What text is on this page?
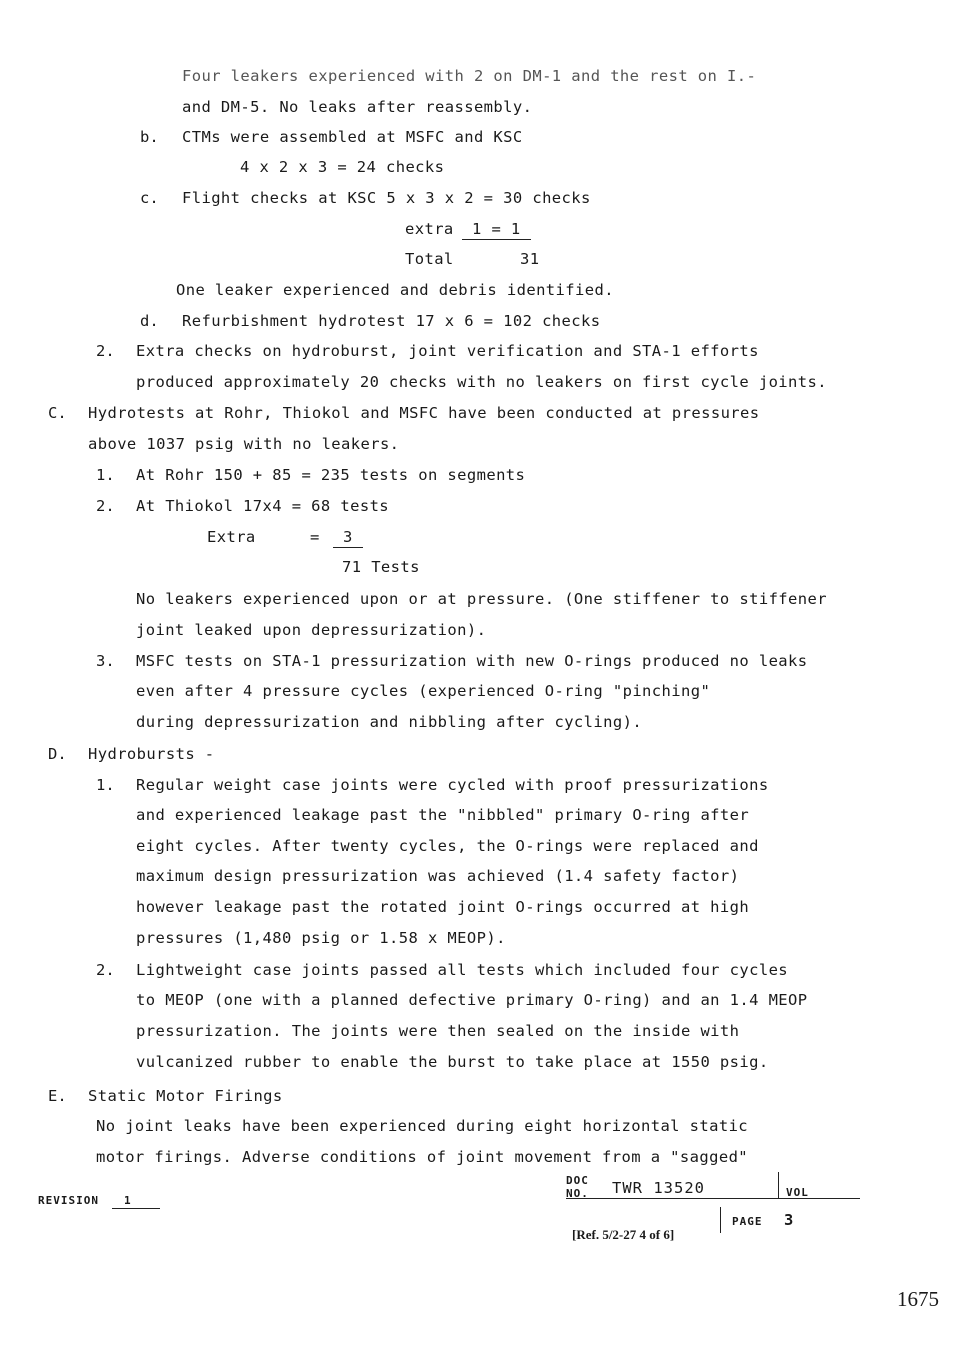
Four leakers experienced with 2 on DM-1 and the rest on I.-
and DM-5. No leaks after reassembly.
b. CTMs were assembled at MSFC and KSC
4 x 2 x 3 = 24 checks
c. Flight checks at KSC 5 x 3 x 2 = 30 checks
extra	1 = 1
Total	31
One leaker experienced and debris identified.
d. Refurbishment hydrotest 17 x 6 = 102 checks
2. Extra checks on hydroburst, joint verification and STA-1 efforts
produced approximately 20 checks with no leakers on first cycle joints.
C. Hydrotests at Rohr, Thiokol and MSFC have been conducted at pressures
above 1037 psig with no leakers.
1. At Rohr 150 + 85 = 235 tests on segments
2. At Thiokol 17x4 = 68 tests
Extra	=	3
71 Tests
No leakers experienced upon or at pressure. (One stiffener to stiffener
joint leaked upon depressurization).
3. MSFC tests on STA-1 pressurization with new O-rings produced no leaks
even after 4 pressure cycles (experienced O-ring "pinching"
during depressurization and nibbling after cycling).
D. Hydrobursts -
1. Regular weight case joints were cycled with proof pressurizations
and experienced leakage past the "nibbled" primary O-ring after
eight cycles. After twenty cycles, the O-rings were replaced and
maximum design pressurization was achieved (1.4 safety factor)
however leakage past the rotated joint O-rings occurred at high
pressures (1,480 psig or 1.58 x MEOP).
2. Lightweight case joints passed all tests which included four cycles
to MEOP (one with a planned defective primary O-ring) and an 1.4 MEOP
pressurization. The joints were then sealed on the inside with
vulcanized rubber to enable the burst to take place at 1550 psig.
E. Static Motor Firings
No joint leaks have been experienced during eight horizontal static
motor firings. Adverse conditions of joint movement from a "sagged"
REVISION 1
DOC
NO. TWR 13520	VOL
PAGE 3
[Ref. 5/2-27 4 of 6]
1675
